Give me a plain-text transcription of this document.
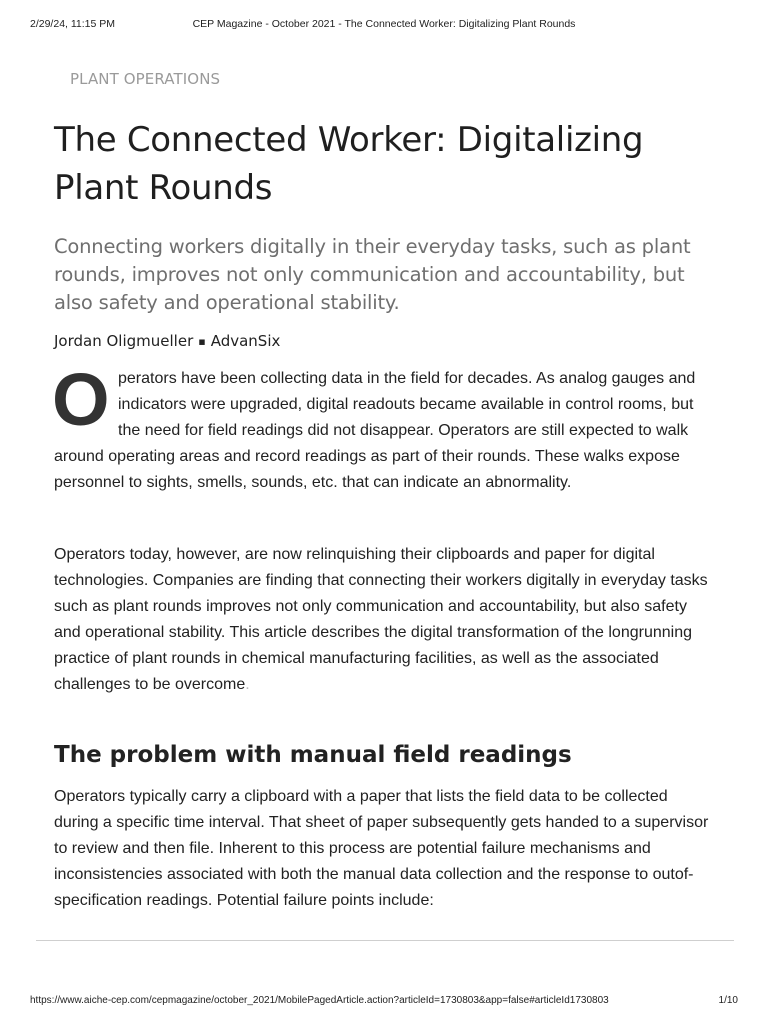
2/29/24, 11:15 PM	CEP Magazine - October 2021 - The Connected Worker: Digitalizing Plant Rounds
PLANT OPERATIONS
The Connected Worker: Digitalizing Plant Rounds

Connecting workers digitally in their everyday tasks, such as plant rounds, improves not only communication and accountability, but also safety and operational stability.

Jordan Oligmueller ▪ AdvanSix

Operators have been collecting data in the field for decades. As analog gauges and indicators were upgraded, digital readouts became available in control rooms, but the need for field readings did not disappear. Operators are still expected to walk around operating areas and record readings as part of their rounds. These walks expose personnel to sights, smells, sounds, etc. that can indicate an abnormality.

Operators today, however, are now relinquishing their clipboards and paper for digital technologies. Companies are finding that connecting their workers digitally in everyday tasks such as plant rounds improves not only communication and accountability, but also safety and operational stability. This article describes the digital transformation of the longrunning practice of plant rounds in chemical manufacturing facilities, as well as the associated challenges to be overcome.

The problem with manual field readings

Operators typically carry a clipboard with a paper that lists the field data to be collected during a specific time interval. That sheet of paper subsequently gets handed to a supervisor to review and then file. Inherent to this process are potential failure mechanisms and inconsistencies associated with both the manual data collection and the response to outof-specification readings. Potential failure points include:

https://www.aiche-cep.com/cepmagazine/october_2021/MobilePagedArticle.action?articleId=1730803&app=false#articleId1730803	1/10
